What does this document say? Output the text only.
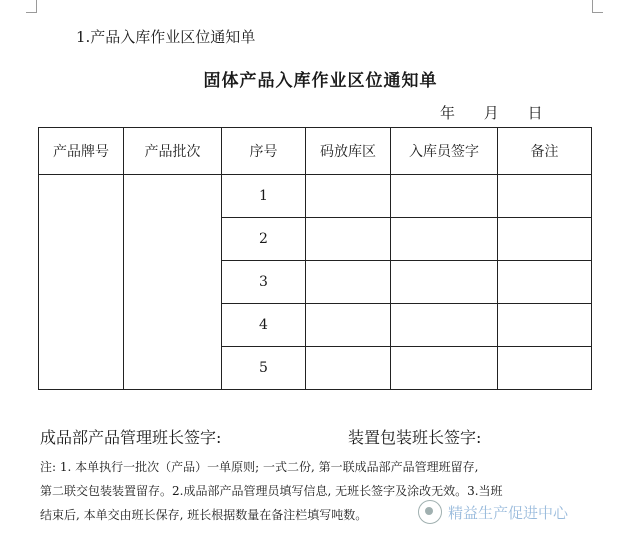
1.产品入库作业区位通知单
固体产品入库作业区位通知单
年 月 日
产品牌号	产品批次	序号	码放库区	入库员签字	备注
		1			
		2			
		3			
		4			
		5			
成品部产品管理班长签字:	装置包装班长签字:

注: 1. 本单执行一批次（产品）一单原则; 一式二份, 第一联成品部产品管理班留存,

第二联交包装装置留存。2.成品部产品管理员填写信息, 无班长签字及涂改无效。3.当班

结束后, 本单交由班长保存, 班长根据数量在备注栏填写吨数。	精益生产促进中心
